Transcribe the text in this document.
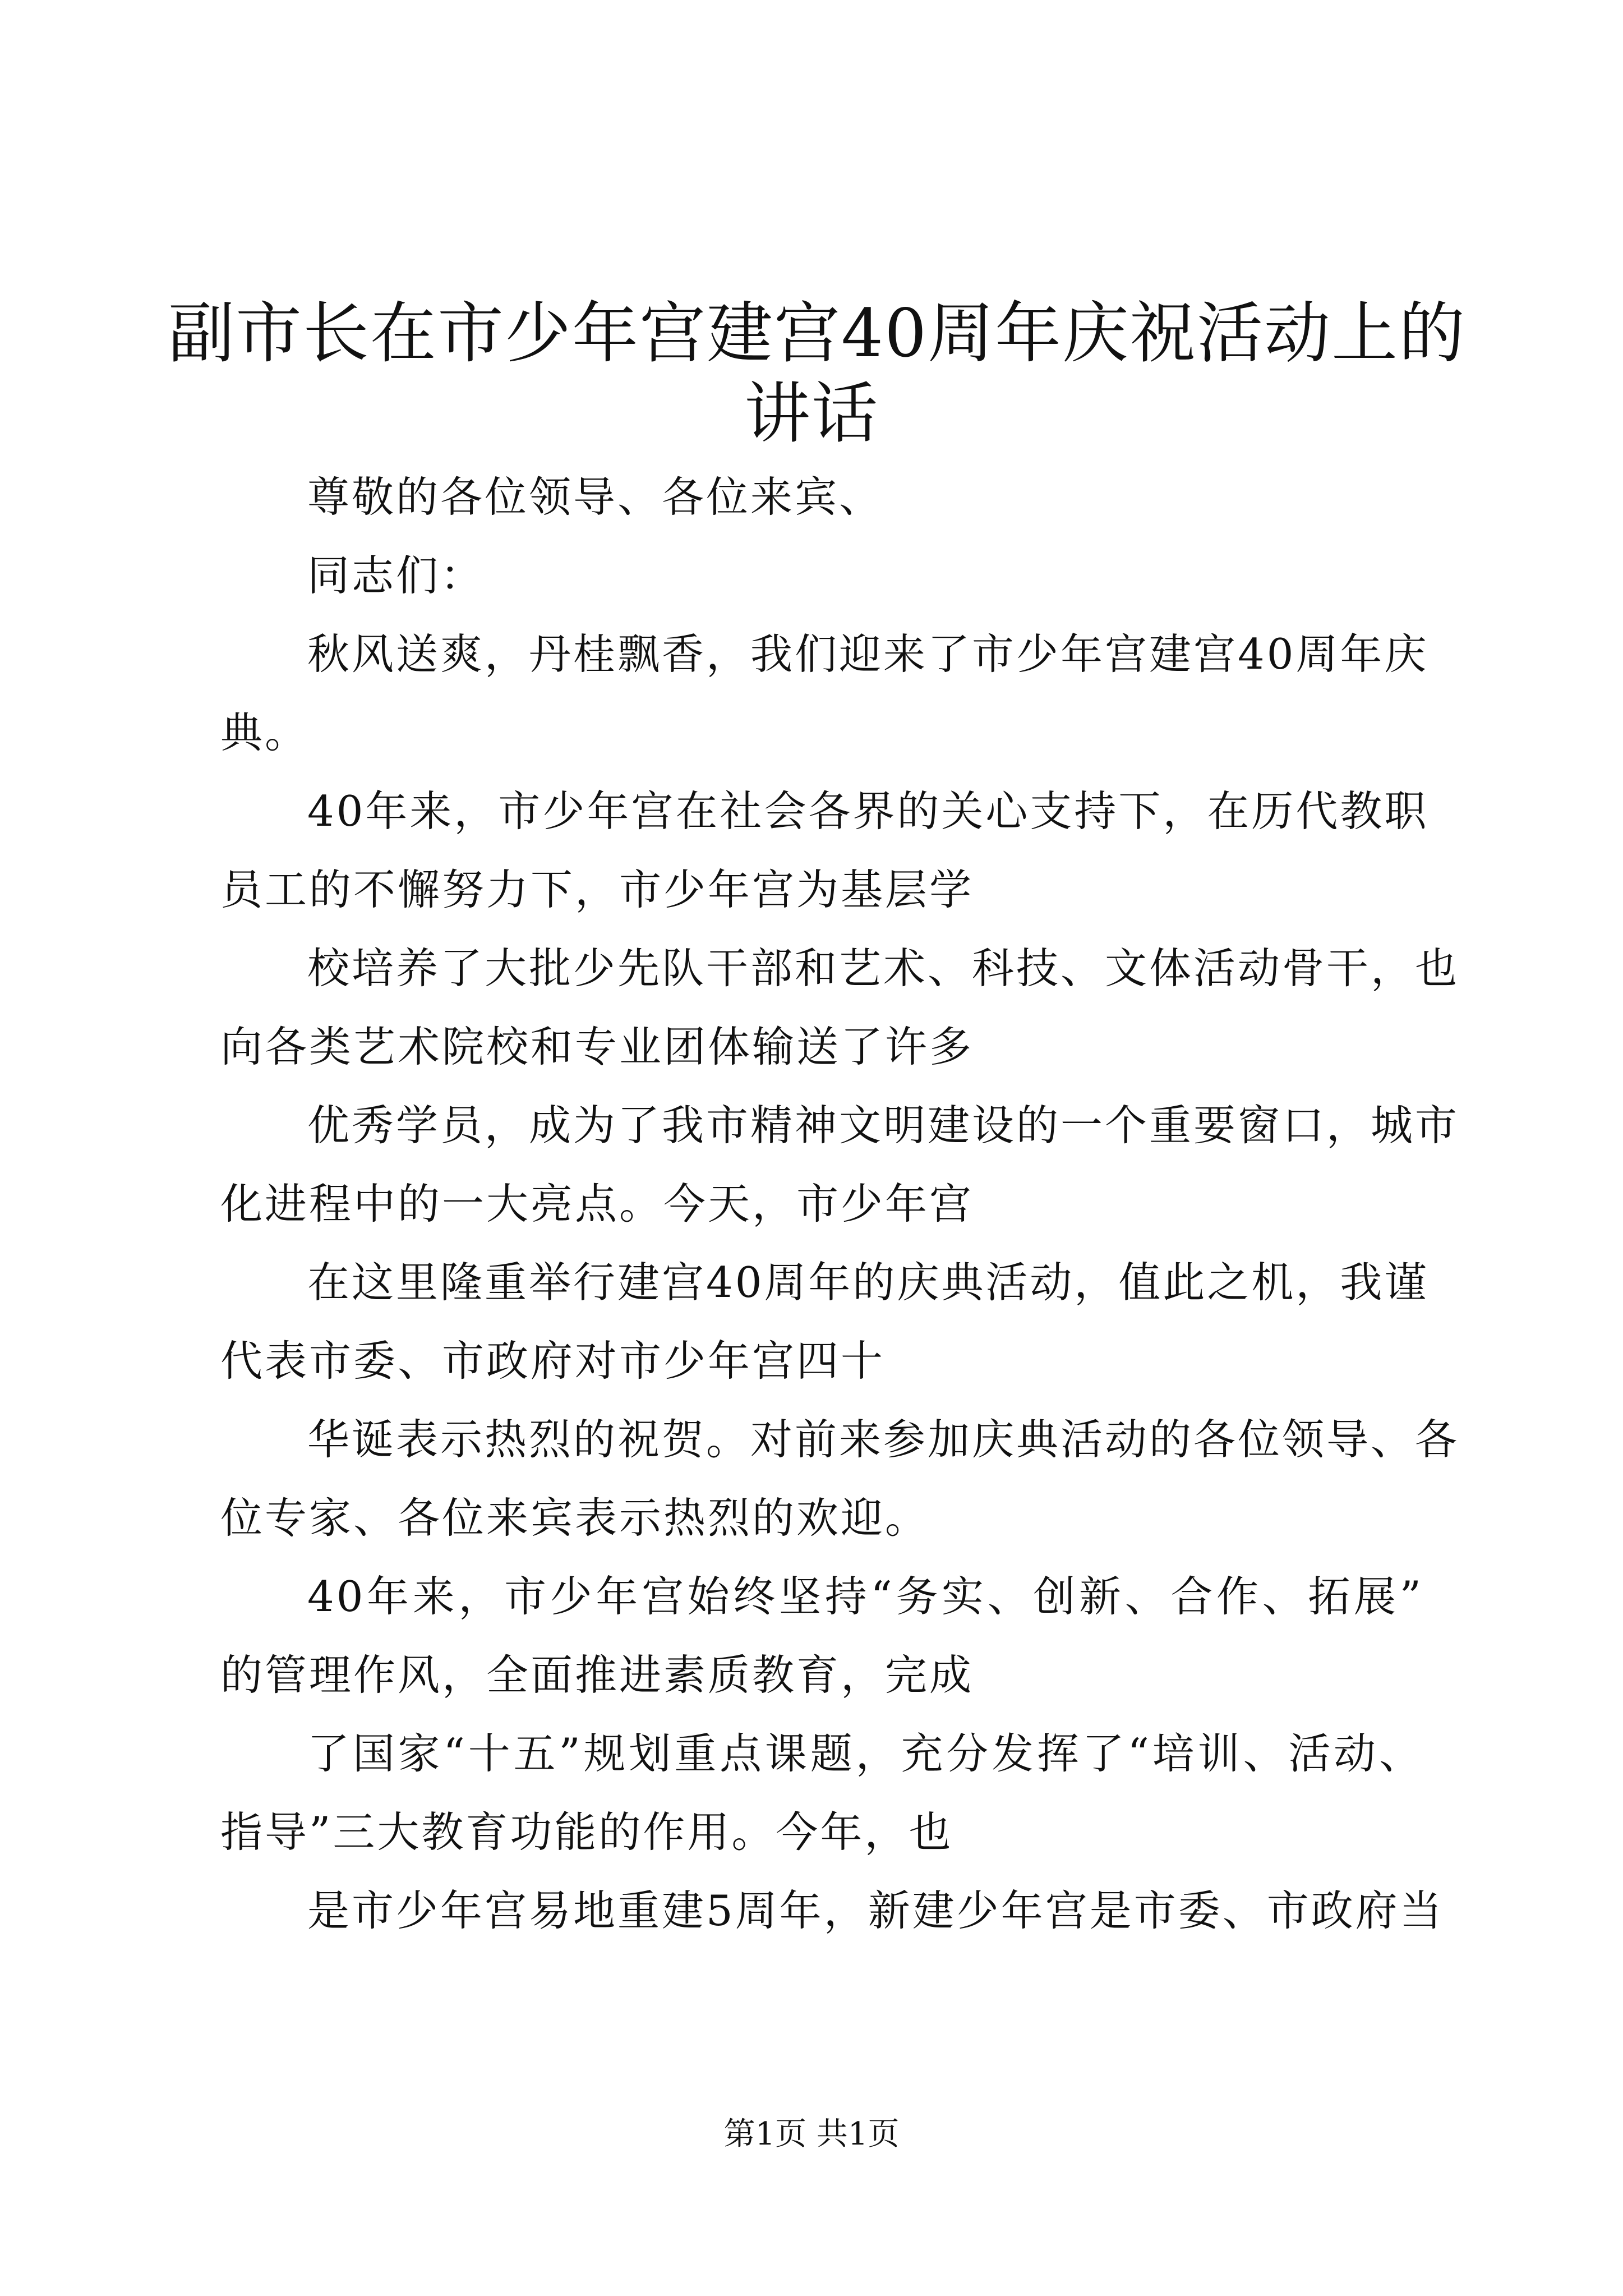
副市长在市少年宫建宫40周年庆祝活动上的
讲话
尊敬的各位领导、各位来宾、
同志们：
秋风送爽，丹桂飘香，我们迎来了市少年宫建宫40周年庆
典。
40年来，市少年宫在社会各界的关心支持下，在历代教职
员工的不懈努力下，市少年宫为基层学
校培养了大批少先队干部和艺术、科技、文体活动骨干，也
向各类艺术院校和专业团体输送了许多
优秀学员，成为了我市精神文明建设的一个重要窗口，城市
化进程中的一大亮点。今天，市少年宫
在这里隆重举行建宫40周年的庆典活动，值此之机，我谨
代表市委、市政府对市少年宫四十
华诞表示热烈的祝贺。对前来参加庆典活动的各位领导、各
位专家、各位来宾表示热烈的欢迎。
40年来，市少年宫始终坚持“务实、创新、合作、拓展”
的管理作风，全面推进素质教育，完成
了国家“十五”规划重点课题，充分发挥了“培训、活动、
指导”三大教育功能的作用。今年，也
是市少年宫易地重建5周年，新建少年宫是市委、市政府当
第1页 共1页
